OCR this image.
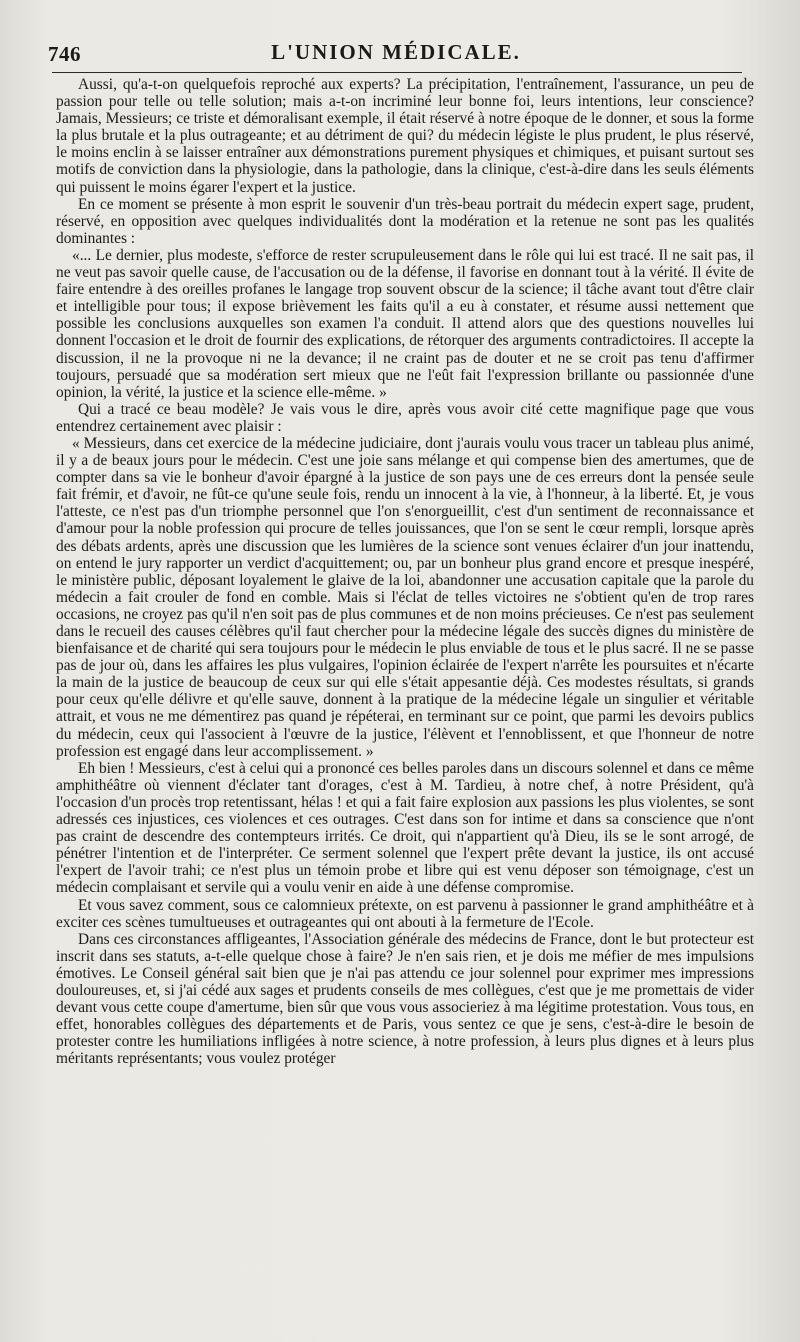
746	L'UNION MÉDICALE.

Aussi, qu'a-t-on quelquefois reproché aux experts? La précipitation, l'entraînement, l'assurance, un peu de passion pour telle ou telle solution; mais a-t-on incriminé leur bonne foi, leurs intentions, leur conscience? Jamais, Messieurs; ce triste et démoralisant exemple, il était réservé à notre époque de le donner, et sous la forme la plus brutale et la plus outrageante; et au détriment de qui? du médecin légiste le plus prudent, le plus réservé, le moins enclin à se laisser entraîner aux démonstrations purement physiques et chimiques, et puisant surtout ses motifs de conviction dans la physiologie, dans la pathologie, dans la clinique, c'est-à-dire dans les seuls éléments qui puissent le moins égarer l'expert et la justice.

En ce moment se présente à mon esprit le souvenir d'un très-beau portrait du médecin expert sage, prudent, réservé, en opposition avec quelques individualités dont la modération et la retenue ne sont pas les qualités dominantes :

«... Le dernier, plus modeste, s'efforce de rester scrupuleusement dans le rôle qui lui est tracé. Il ne sait pas, il ne veut pas savoir quelle cause, de l'accusation ou de la défense, il favorise en donnant tout à la vérité. Il évite de faire entendre à des oreilles profanes le langage trop souvent obscur de la science; il tâche avant tout d'être clair et intelligible pour tous; il expose brièvement les faits qu'il a eu à constater, et résume aussi nettement que possible les conclusions auxquelles son examen l'a conduit. Il attend alors que des questions nouvelles lui donnent l'occasion et le droit de fournir des explications, de rétorquer des arguments contradictoires. Il accepte la discussion, il ne la provoque ni ne la devance; il ne craint pas de douter et ne se croit pas tenu d'affirmer toujours, persuadé que sa modération sert mieux que ne l'eût fait l'expression brillante ou passionnée d'une opinion, la vérité, la justice et la science elle-même. »

Qui a tracé ce beau modèle? Je vais vous le dire, après vous avoir cité cette magnifique page que vous entendrez certainement avec plaisir :

« Messieurs, dans cet exercice de la médecine judiciaire, dont j'aurais voulu vous tracer un tableau plus animé, il y a de beaux jours pour le médecin. C'est une joie sans mélange et qui compense bien des amertumes, que de compter dans sa vie le bonheur d'avoir épargné à la justice de son pays une de ces erreurs dont la pensée seule fait frémir, et d'avoir, ne fût-ce qu'une seule fois, rendu un innocent à la vie, à l'honneur, à la liberté. Et, je vous l'atteste, ce n'est pas d'un triomphe personnel que l'on s'enorgueillit, c'est d'un sentiment de reconnaissance et d'amour pour la noble profession qui procure de telles jouissances, que l'on se sent le cœur rempli, lorsque après des débats ardents, après une discussion que les lumières de la science sont venues éclairer d'un jour inattendu, on entend le jury rapporter un verdict d'acquittement; ou, par un bonheur plus grand encore et presque inespéré, le ministère public, déposant loyalement le glaive de la loi, abandonner une accusation capitale que la parole du médecin a fait crouler de fond en comble. Mais si l'éclat de telles victoires ne s'obtient qu'en de trop rares occasions, ne croyez pas qu'il n'en soit pas de plus communes et de non moins précieuses. Ce n'est pas seulement dans le recueil des causes célèbres qu'il faut chercher pour la médecine légale des succès dignes du ministère de bienfaisance et de charité qui sera toujours pour le médecin le plus enviable de tous et le plus sacré. Il ne se passe pas de jour où, dans les affaires les plus vulgaires, l'opinion éclairée de l'expert n'arrête les poursuites et n'écarte la main de la justice de beaucoup de ceux sur qui elle s'était appesantie déjà. Ces modestes résultats, si grands pour ceux qu'elle délivre et qu'elle sauve, donnent à la pratique de la médecine légale un singulier et véritable attrait, et vous ne me démentirez pas quand je répéterai, en terminant sur ce point, que parmi les devoirs publics du médecin, ceux qui l'associent à l'œuvre de la justice, l'élèvent et l'ennoblissent, et que l'honneur de notre profession est engagé dans leur accomplissement. »

Eh bien ! Messieurs, c'est à celui qui a prononcé ces belles paroles dans un discours solennel et dans ce même amphithéâtre où viennent d'éclater tant d'orages, c'est à M. Tardieu, à notre chef, à notre Président, qu'à l'occasion d'un procès trop retentissant, hélas ! et qui a fait faire explosion aux passions les plus violentes, se sont adressés ces injustices, ces violences et ces outrages. C'est dans son for intime et dans sa conscience que n'ont pas craint de descendre des contempteurs irrités. Ce droit, qui n'appartient qu'à Dieu, ils se le sont arrogé, de pénétrer l'intention et de l'interpréter. Ce serment solennel que l'expert prête devant la justice, ils ont accusé l'expert de l'avoir trahi; ce n'est plus un témoin probe et libre qui est venu déposer son témoignage, c'est un médecin complaisant et servile qui a voulu venir en aide à une défense compromise.

Et vous savez comment, sous ce calomnieux prétexte, on est parvenu à passionner le grand amphithéâtre et à exciter ces scènes tumultueuses et outrageantes qui ont abouti à la fermeture de l'Ecole.

Dans ces circonstances affligeantes, l'Association générale des médecins de France, dont le but protecteur est inscrit dans ses statuts, a-t-elle quelque chose à faire? Je n'en sais rien, et je dois me méfier de mes impulsions émotives. Le Conseil général sait bien que je n'ai pas attendu ce jour solennel pour exprimer mes impressions douloureuses, et, si j'ai cédé aux sages et prudents conseils de mes collègues, c'est que je me promettais de vider devant vous cette coupe d'amertume, bien sûr que vous vous associeriez à ma légitime protestation. Vous tous, en effet, honorables collègues des départements et de Paris, vous sentez ce que je sens, c'est-à-dire le besoin de protester contre les humiliations infligées à notre science, à notre profession, à leurs plus dignes et à leurs plus méritants représentants; vous voulez protéger
